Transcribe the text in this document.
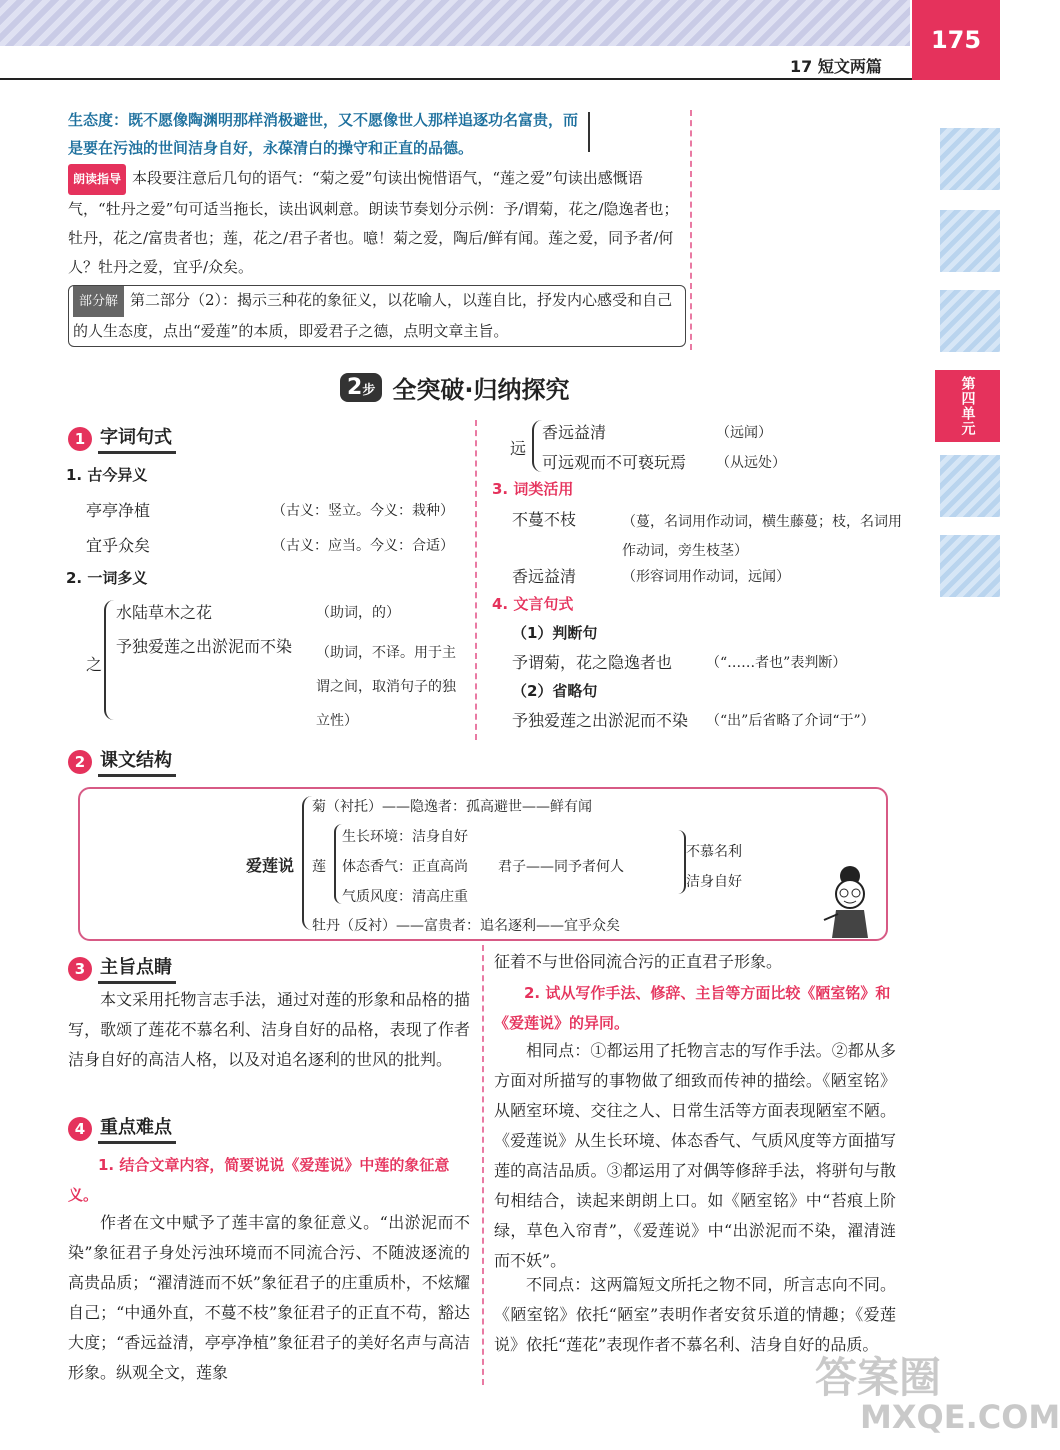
17 短文两篇
175
第四单元
生态度：既不愿像陶渊明那样消极避世，又不愿像世人那样追逐功名富贵，而是要在污浊的世间洁身自好，永葆清白的操守和正直的品德。
朗读指导 本段要注意后几句的语气：“菊之爱”句读出惋惜语气，“莲之爱”句读出感慨语气，“牡丹之爱”句可适当拖长，读出讽刺意。朗读节奏划分示例：予/谓菊，花之/隐逸者也；牡丹，花之/富贵者也；莲，花之/君子者也。噫！菊之爱，陶后/鲜有闻。莲之爱，同予者/何人？牡丹之爱，宜乎/众矣。
部分解 第二部分（2）：揭示三种花的象征义，以花喻人，以莲自比，抒发内心感受和自己的人生态度，点出“爱莲”的本质，即爱君子之德，点明文章主旨。
2步 全突破·归纳探究
1 字词句式
1. 古今异义
亭亭净植	（古义：竖立。今义：栽种）
宜乎众矣	（古义：应当。今义：合适）
2. 一词多义
之
水陆草木之花	（助词，的）
予独爱莲之出淤泥而不染 （助词，不译。用于主谓之间，取消句子的独立性）
远
香远益清	（远闻）
可远观而不可亵玩焉 （从远处）
3. 词类活用
不蔓不枝	（蔓，名词用作动词，横生藤蔓；枝，名词用作动词，旁生枝茎）
香远益清	（形容词用作动词，远闻）
4. 文言句式
（1）判断句
予谓菊，花之隐逸者也 （“……者也”表判断）
（2）省略句
予独爱莲之出淤泥而不染 （“出”后省略了介词“于”）
2 课文结构
爱莲说
菊（衬托）——隐逸者：孤高避世——鲜有闻
莲
生长环境：洁身自好
体态香气：正直高尚
气质风度：清高庄重
君子——同予者何人
不慕名利
洁身自好
牡丹（反衬）——富贵者：追名逐利——宜乎众矣
3 主旨点睛
本文采用托物言志手法，通过对莲的形象和品格的描写，歌颂了莲花不慕名利、洁身自好的品格，表现了作者洁身自好的高洁人格，以及对追名逐利的世风的批判。
4 重点难点
1. 结合文章内容，简要说说《爱莲说》中莲的象征意义。
作者在文中赋予了莲丰富的象征意义。“出淤泥而不染”象征君子身处污浊环境而不同流合污、不随波逐流的高贵品质；“濯清涟而不妖”象征君子的庄重质朴，不炫耀自己；“中通外直，不蔓不枝”象征君子的正直不苟，豁达大度；“香远益清，亭亭净植”象征君子的美好名声与高洁形象。纵观全文，莲象
征着不与世俗同流合污的正直君子形象。
2. 试从写作手法、修辞、主旨等方面比较《陋室铭》和《爱莲说》的异同。
相同点：①都运用了托物言志的写作手法。②都从多方面对所描写的事物做了细致而传神的描绘。《陋室铭》从陋室环境、交往之人、日常生活等方面表现陋室不陋。《爱莲说》从生长环境、体态香气、气质风度等方面描写莲的高洁品质。③都运用了对偶等修辞手法，将骈句与散句相结合，读起来朗朗上口。如《陋室铭》中“苔痕上阶绿，草色入帘青”，《爱莲说》中“出淤泥而不染，濯清涟而不妖”。
不同点：这两篇短文所托之物不同，所言志向不同。《陋室铭》依托“陋室”表明作者安贫乐道的情趣；《爱莲说》依托“莲花”表现作者不慕名利、洁身自好的品质。
答案圈
MXQE.COM
